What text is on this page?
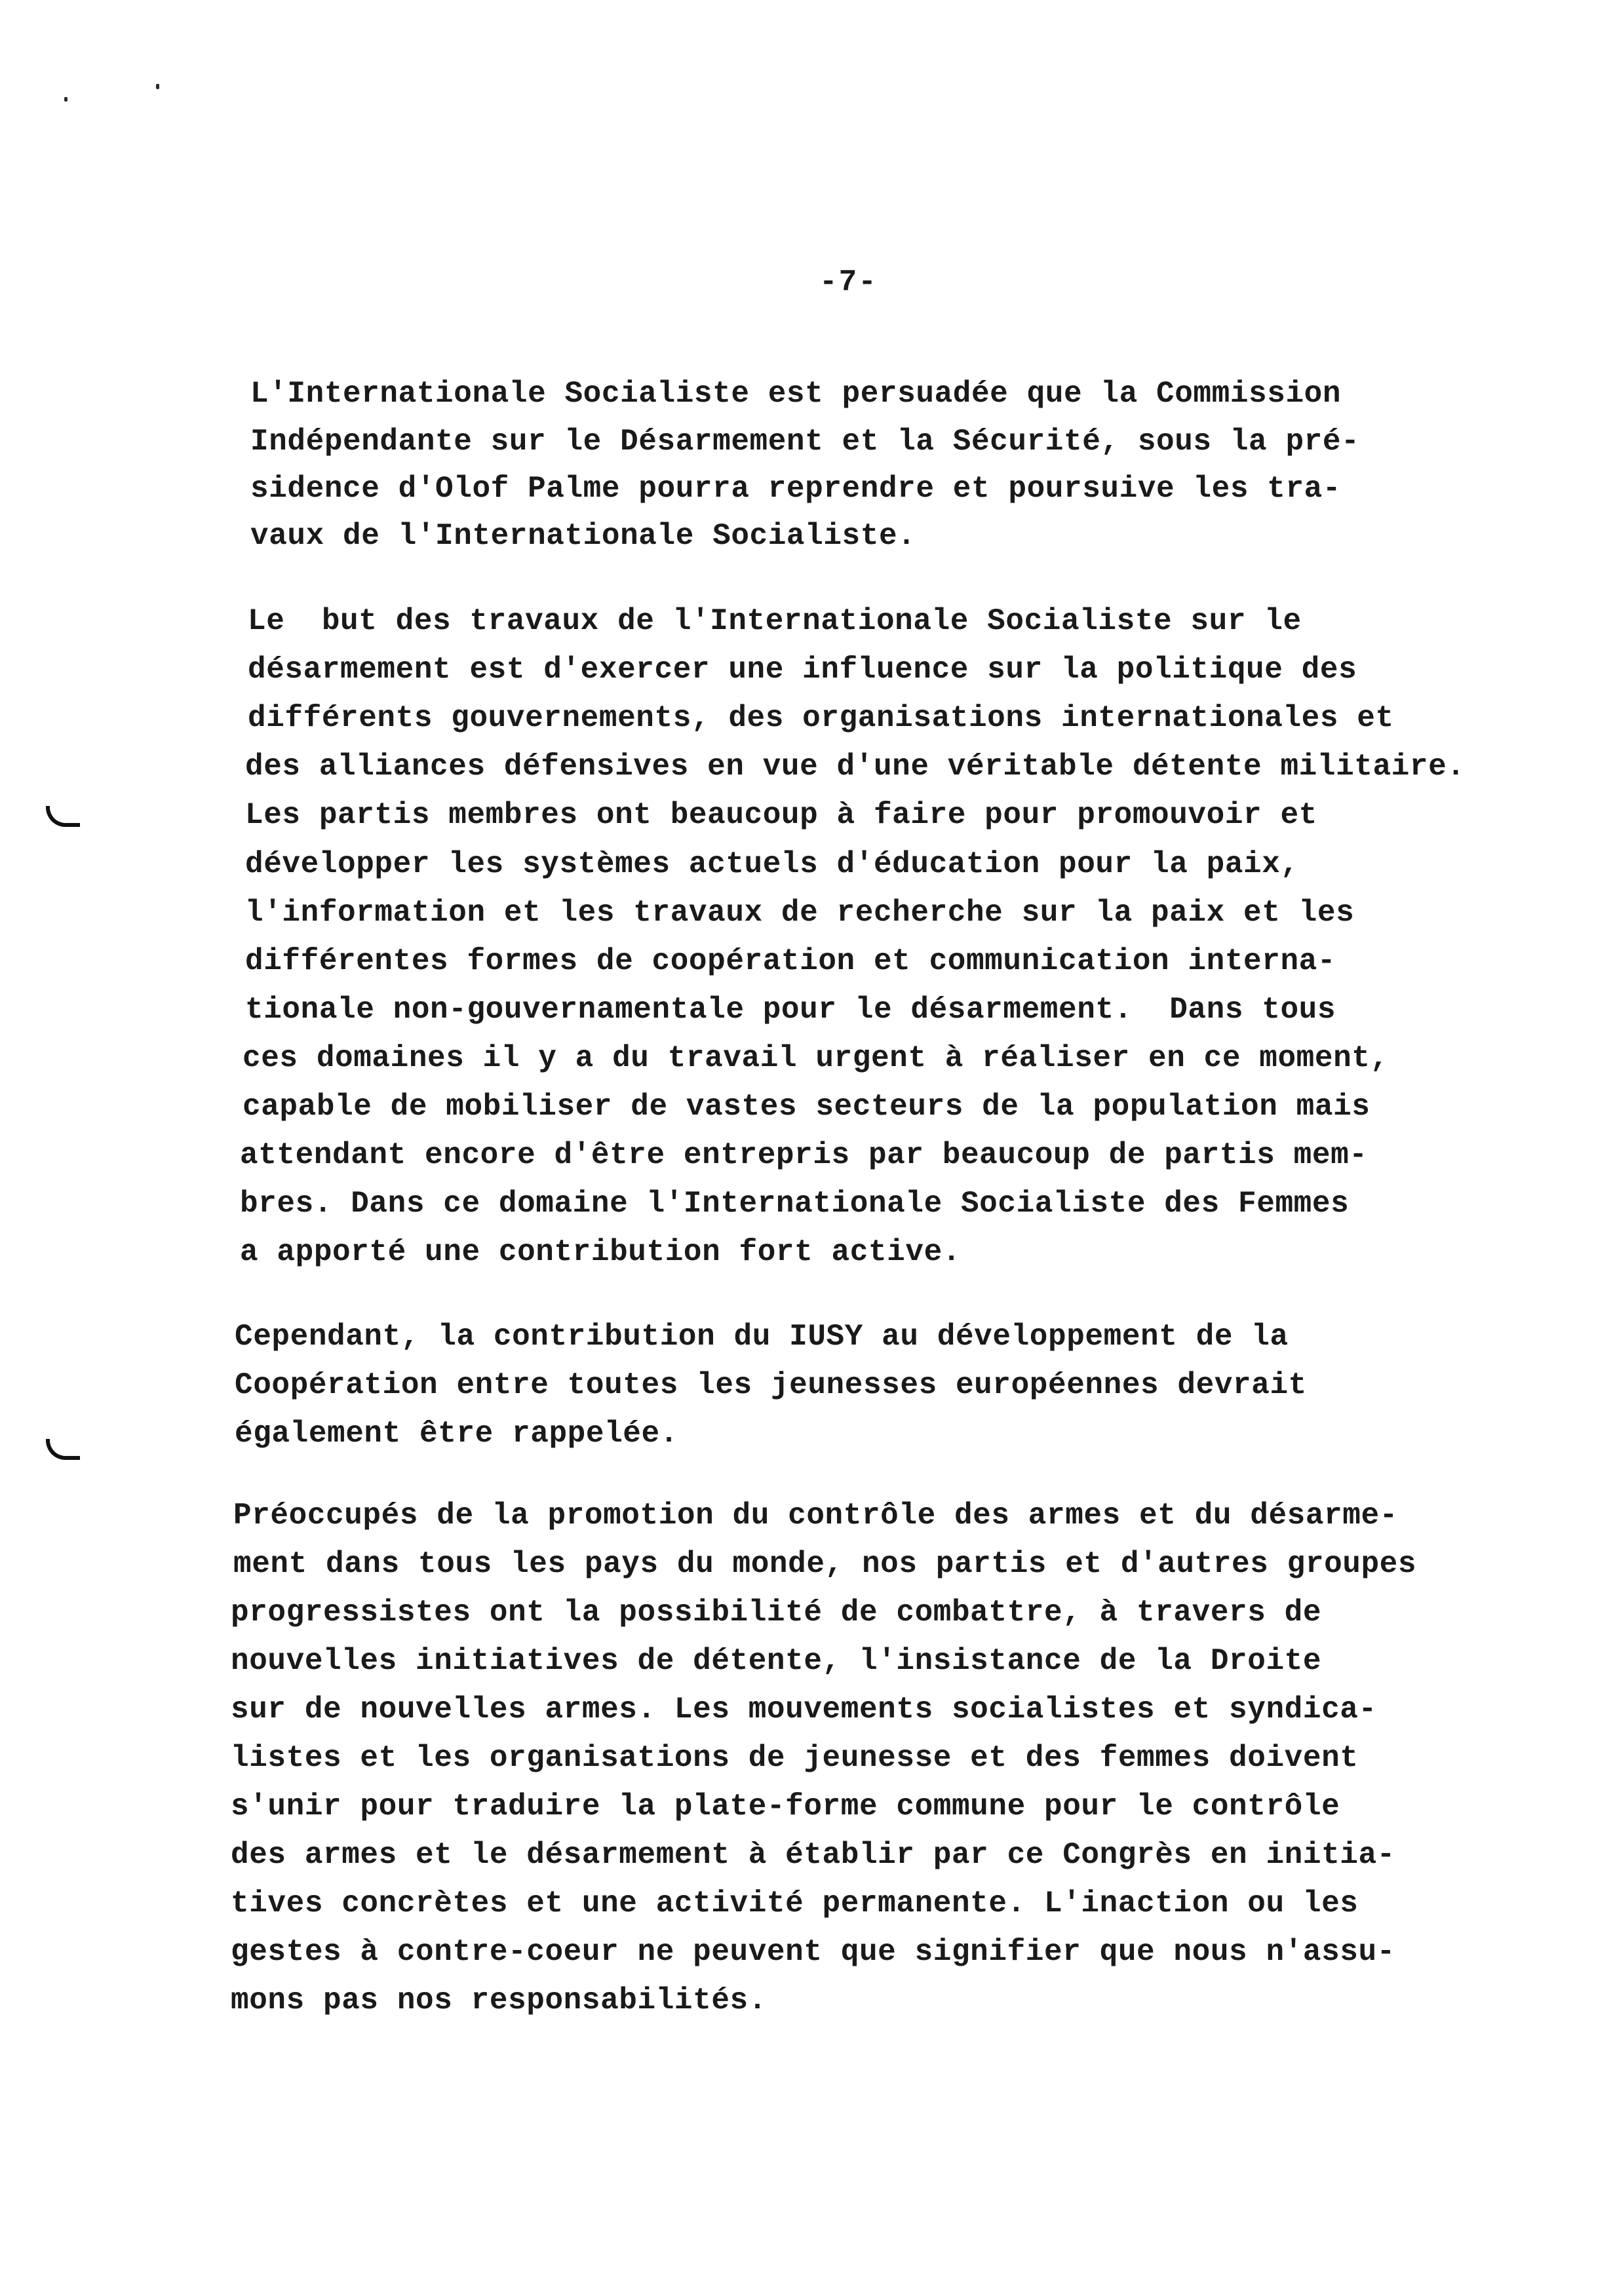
-7-
L'Internationale Socialiste est persuadée que la Commission
Indépendante sur le Désarmement et la Sécurité, sous la pré-
sidence d'Olof Palme pourra reprendre et poursuive les tra-
vaux de l'Internationale Socialiste.
Le  but des travaux de l'Internationale Socialiste sur le
désarmement est d'exercer une influence sur la politique des
différents gouvernements, des organisations internationales et
des alliances défensives en vue d'une véritable détente militaire.
Les partis membres ont beaucoup à faire pour promouvoir et
développer les systèmes actuels d'éducation pour la paix,
l'information et les travaux de recherche sur la paix et les
différentes formes de coopération et communication interna-
tionale non-gouvernamentale pour le désarmement.  Dans tous
ces domaines il y a du travail urgent à réaliser en ce moment,
capable de mobiliser de vastes secteurs de la population mais
attendant encore d'être entrepris par beaucoup de partis mem-
bres. Dans ce domaine l'Internationale Socialiste des Femmes
a apporté une contribution fort active.
Cependant, la contribution du IUSY au développement de la
Coopération entre toutes les jeunesses européennes devrait
également être rappelée.
Préoccupés de la promotion du contrôle des armes et du désarme-
ment dans tous les pays du monde, nos partis et d'autres groupes
progressistes ont la possibilité de combattre, à travers de
nouvelles initiatives de détente, l'insistance de la Droite
sur de nouvelles armes. Les mouvements socialistes et syndica-
listes et les organisations de jeunesse et des femmes doivent
s'unir pour traduire la plate-forme commune pour le contrôle
des armes et le désarmement à établir par ce Congrès en initia-
tives concrètes et une activité permanente. L'inaction ou les
gestes à contre-coeur ne peuvent que signifier que nous n'assu-
mons pas nos responsabilités.
